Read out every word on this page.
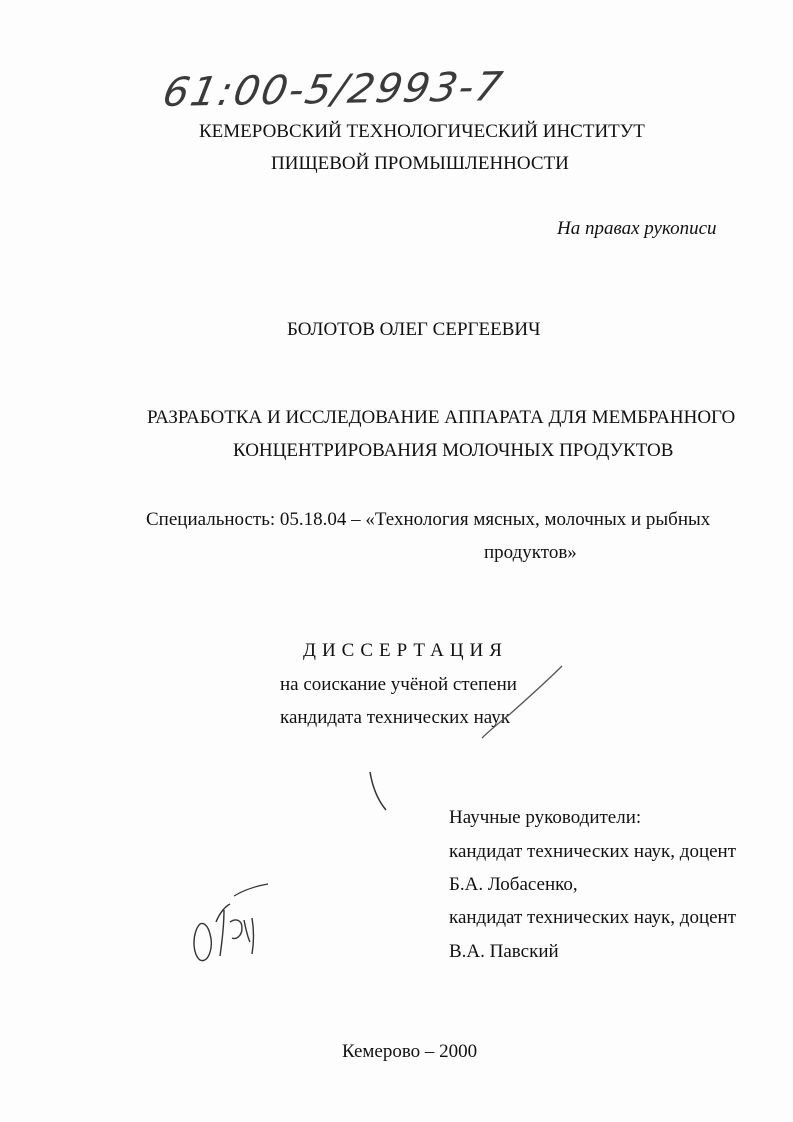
61:00-5/2993-7
КЕМЕРОВСКИЙ ТЕХНОЛОГИЧЕСКИЙ ИНСТИТУТ
ПИЩЕВОЙ ПРОМЫШЛЕННОСТИ
На правах рукописи
БОЛОТОВ ОЛЕГ СЕРГЕЕВИЧ
РАЗРАБОТКА И ИССЛЕДОВАНИЕ АППАРАТА ДЛЯ МЕМБРАННОГО
КОНЦЕНТРИРОВАНИЯ МОЛОЧНЫХ ПРОДУКТОВ
Специальность: 05.18.04 – «Технология мясных, молочных и рыбных
продуктов»
ДИССЕРТАЦИЯ
на соискание учёной степени
кандидата технических наук
Научные руководители:
кандидат технических наук, доцент
Б.А. Лобасенко,
кандидат технических наук, доцент
В.А. Павский
Кемерово – 2000
